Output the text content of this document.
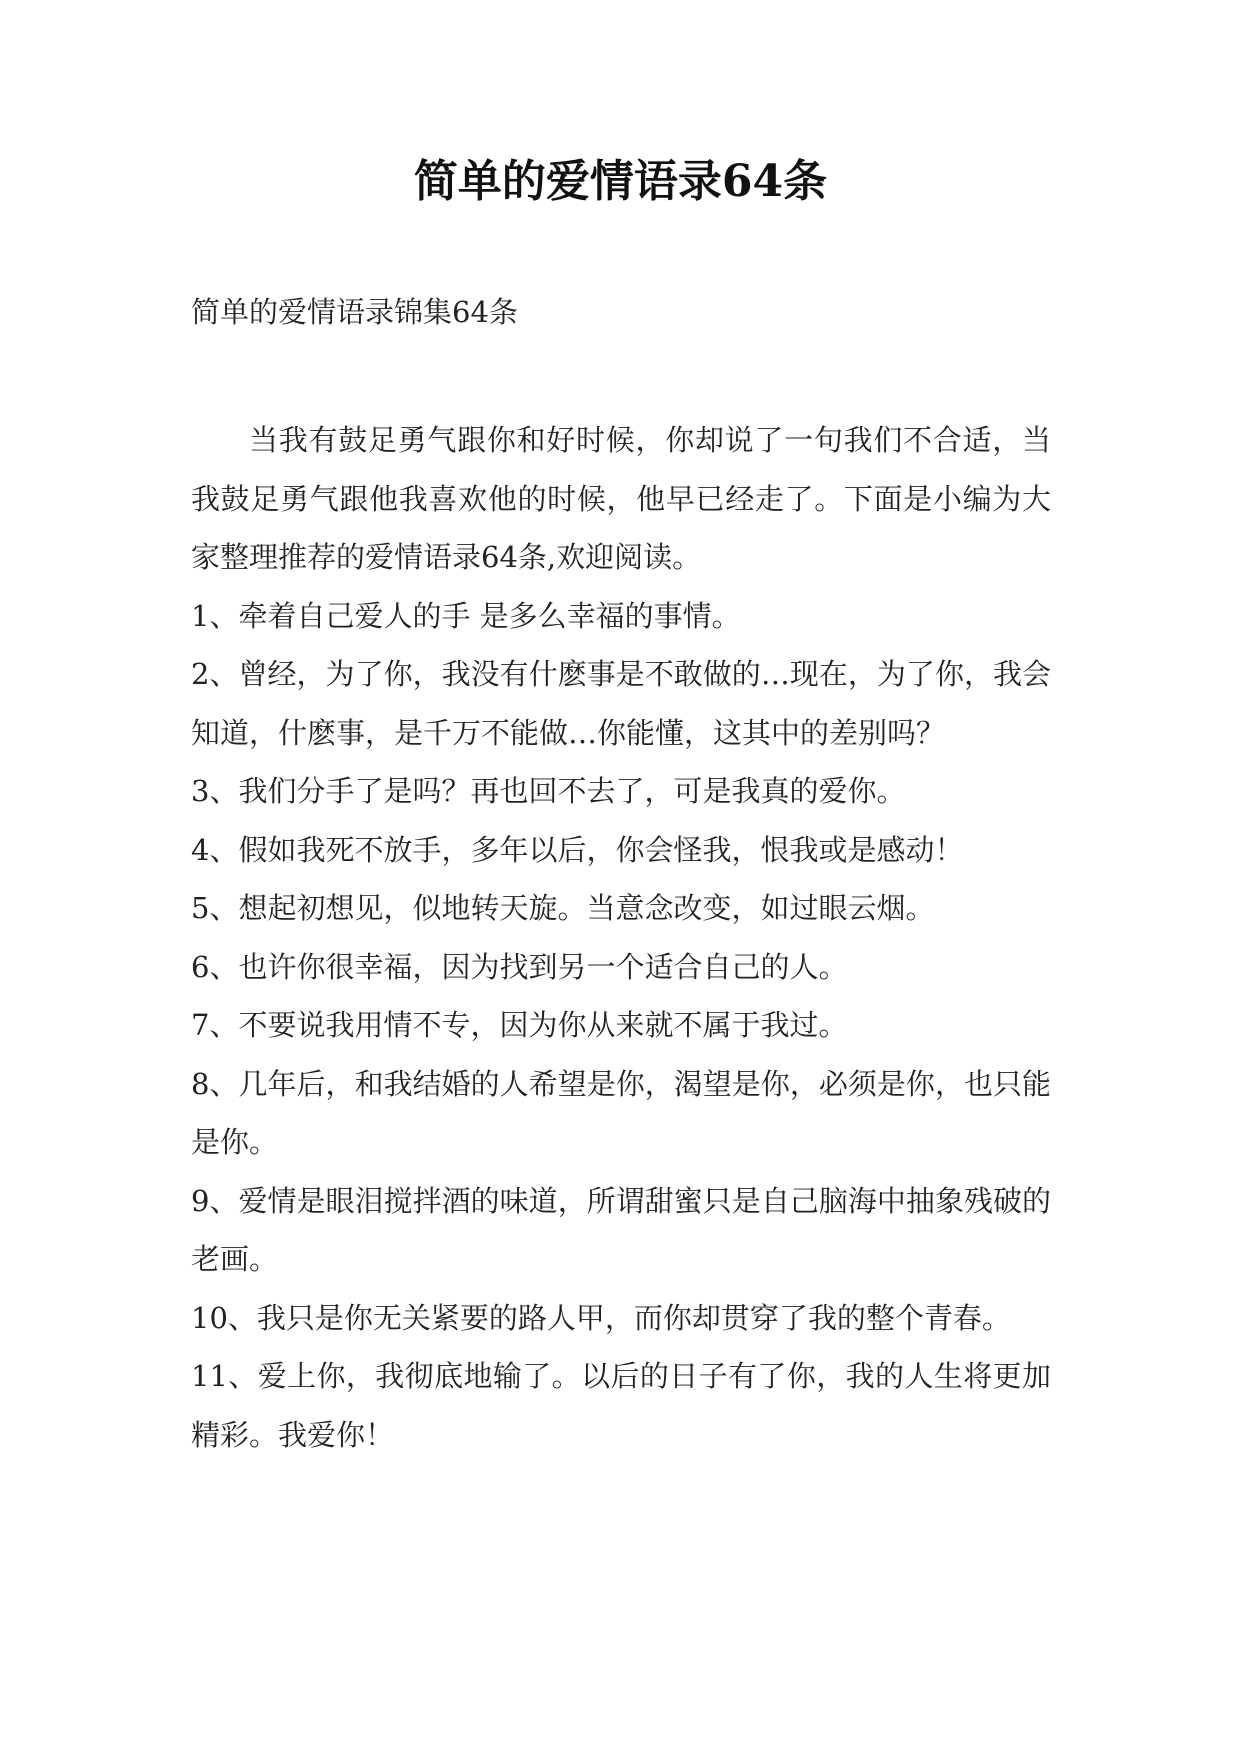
简单的爱情语录64条

简单的爱情语录锦集64条

当我有鼓足勇气跟你和好时候，你却说了一句我们不合适，当我鼓足勇气跟他我喜欢他的时候，他早已经走了。下面是小编为大家整理推荐的爱情语录64条,欢迎阅读。

1、牵着自己爱人的手 是多么幸福的事情。

2、曾经，为了你，我没有什麽事是不敢做的…现在，为了你，我会知道，什麽事，是千万不能做…你能懂，这其中的差别吗？

3、我们分手了是吗？再也回不去了，可是我真的爱你。

4、假如我死不放手，多年以后，你会怪我，恨我或是感动！

5、想起初想见，似地转天旋。当意念改变，如过眼云烟。

6、也许你很幸福，因为找到另一个适合自己的人。

7、不要说我用情不专，因为你从来就不属于我过。

8、几年后，和我结婚的人希望是你，渴望是你，必须是你，也只能是你。

9、爱情是眼泪搅拌酒的味道，所谓甜蜜只是自己脑海中抽象残破的老画。

10、我只是你无关紧要的路人甲，而你却贯穿了我的整个青春。

11、爱上你，我彻底地输了。以后的日子有了你，我的人生将更加精彩。我爱你！
